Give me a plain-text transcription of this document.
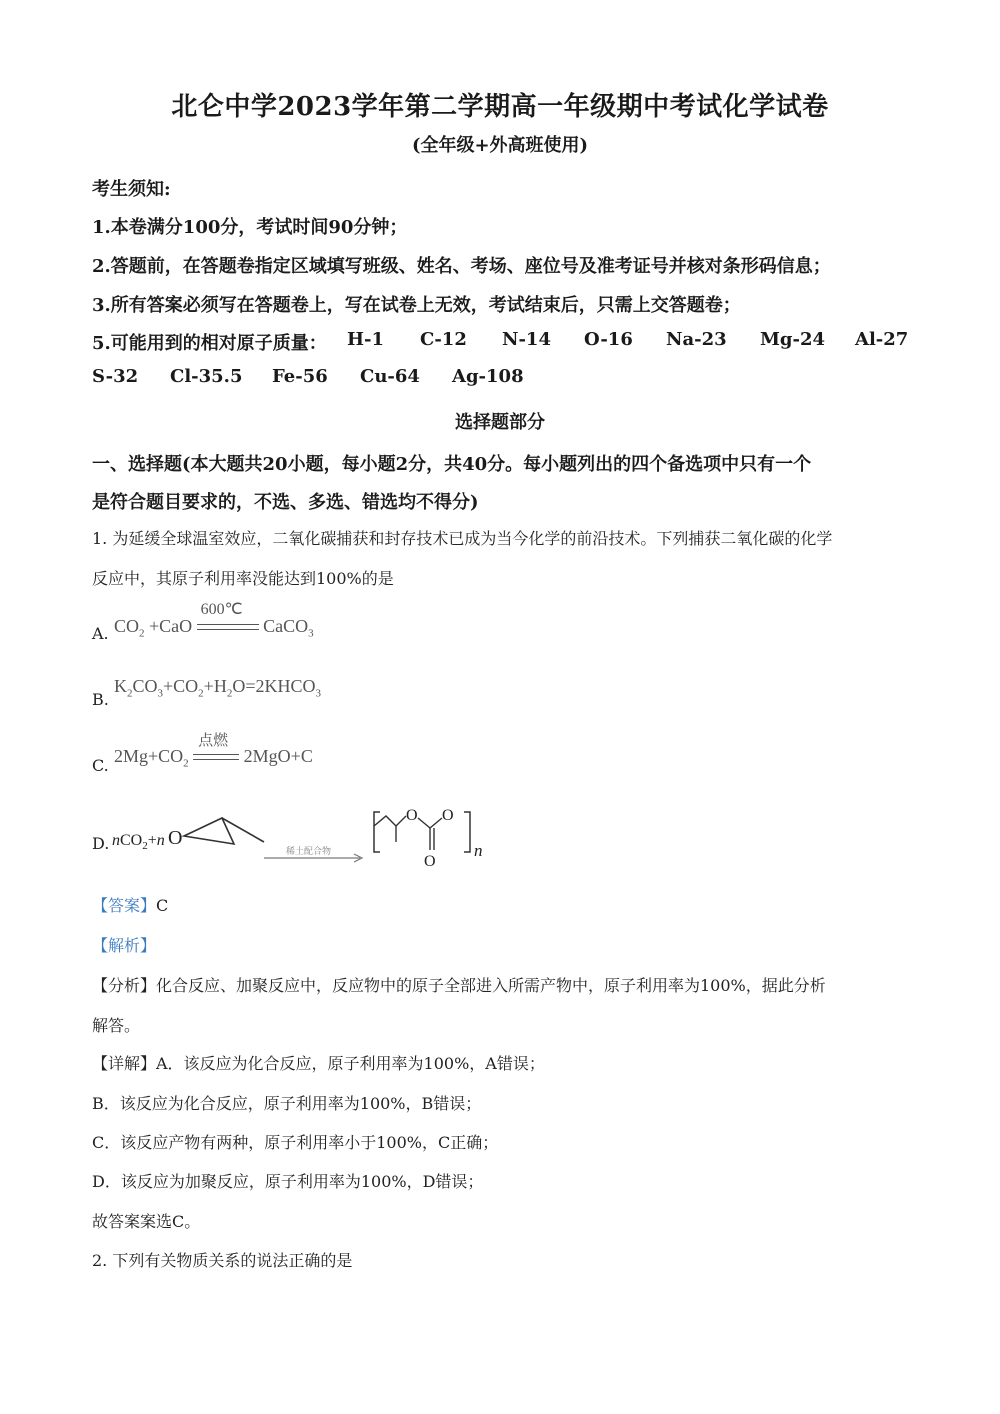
北仑中学2023学年第二学期高一年级期中考试化学试卷
(全年级+外高班使用)
考生须知:
1.本卷满分100分，考试时间90分钟；
2.答题前，在答题卷指定区域填写班级、姓名、考场、座位号及准考证号并核对条形码信息；
3.所有答案必须写在答题卷上，写在试卷上无效，考试结束后，只需上交答题卷；
5.可能用到的相对原子质量： H-1 C-12 N-14 O-16 Na-23 Mg-24 Al-27
S-32 Cl-35.5 Fe-56 Cu-64 Ag-108
选择题部分
一、选择题(本大题共20小题，每小题2分，共40分。每小题列出的四个备选项中只有一个
是符合题目要求的，不选、多选、错选均不得分)
1. 为延缓全球温室效应，二氧化碳捕获和封存技术已成为当今化学的前沿技术。下列捕获二氧化碳的化学
反应中，其原子利用率没能达到100%的是
A. $CO_2 +CaO$
600℃
CaCO$_3$
B.
$K_2CO_3+CO_2+H_2O=2KHCO_3$
C. $2Mg+CO_2$
点燃
2MgO+C
D. nCO$_2$+n O
稀土配合物
O
O
O
n
【答案】C
【解析】
【分析】化合反应、加聚反应中，反应物中的原子全部进入所需产物中，原子利用率为100%，据此分析
解答。
【详解】A．该反应为化合反应，原子利用率为100%，A错误；
B．该反应为化合反应，原子利用率为100%，B错误；
C．该反应产物有两种，原子利用率小于100%，C正确；
D．该反应为加聚反应，原子利用率为100%，D错误；
故答案案选C。
2. 下列有关物质关系的说法正确的是
